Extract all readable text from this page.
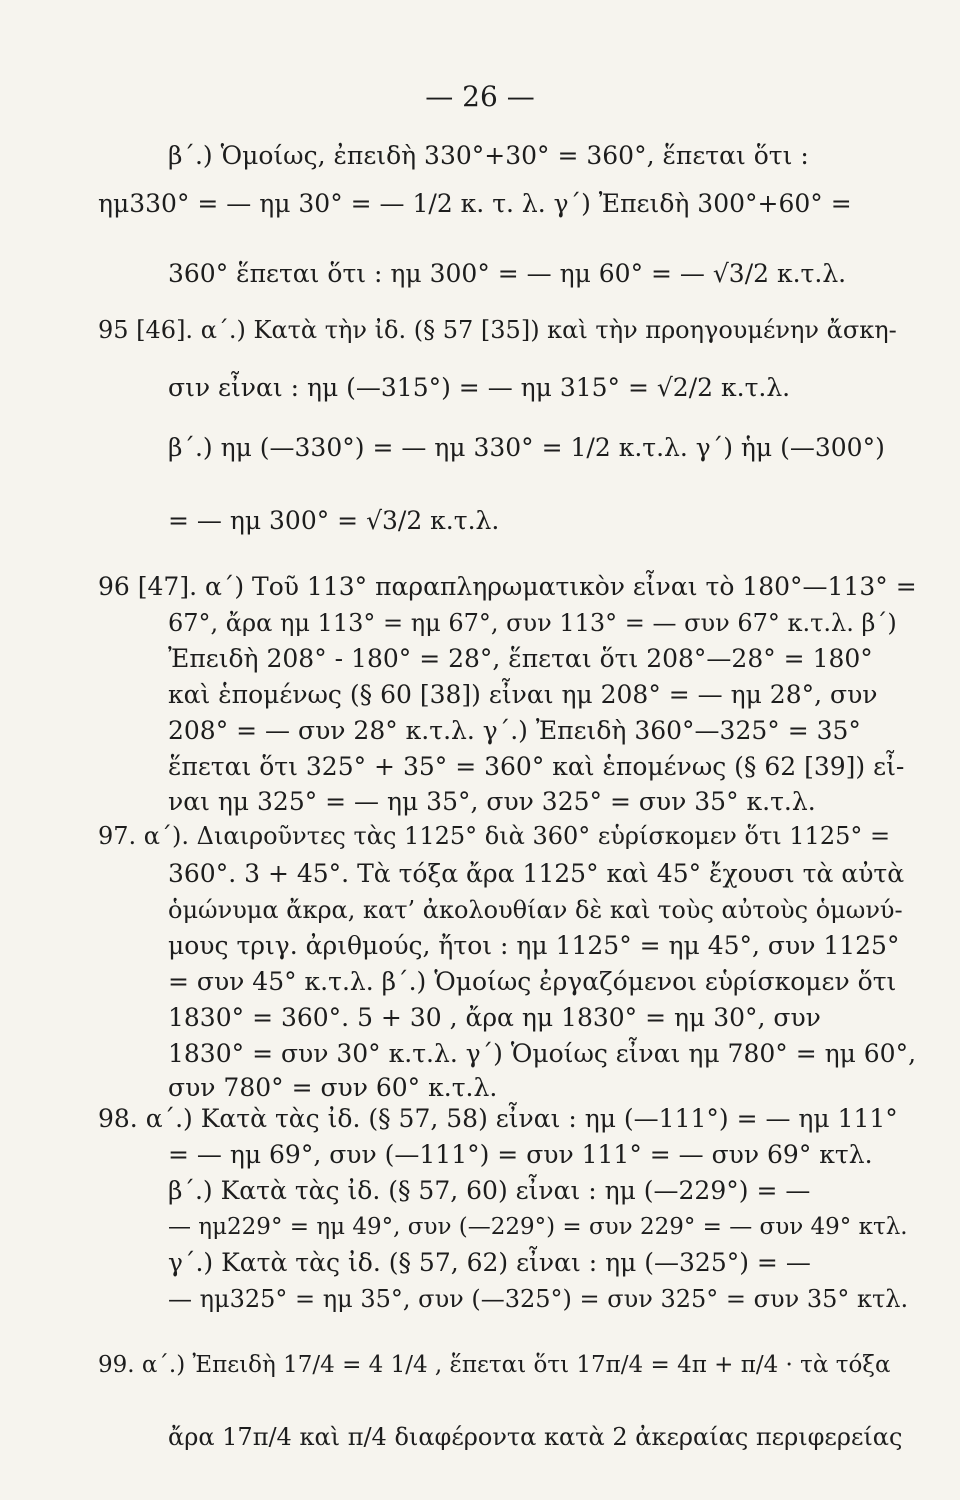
— 26 —
β΄.) Ὁμοίως, ἐπειδὴ 330°+30° = 360°, ἕπεται ὅτι :
ημ330° = — ημ 30° = — 1/2 κ. τ. λ. γ΄) Ἐπειδὴ 300°+60° =
360° ἕπεται ὅτι : ημ 300° = — ημ 60° = — √3/2 κ.τ.λ.
95 [46]. α΄.) Κατὰ τὴν ἰδ. (§ 57 [35]) καὶ τὴν προηγουμένην ἄσκη-
σιν εἶναι : ημ (—315°) = — ημ 315° = √2/2 κ.τ.λ.
β΄.) ημ (—330°) = — ημ 330° = 1/2 κ.τ.λ. γ΄) ἡμ (—300°)
= — ημ 300° = √3/2 κ.τ.λ.
96 [47]. α΄) Τοῦ 113° παραπληρωματικὸν εἶναι τὸ 180°—113° =
67°, ἄρα ημ 113° = ημ 67°, συν 113° = — συν 67° κ.τ.λ. β΄)
Ἐπειδὴ 208° - 180° = 28°, ἕπεται ὅτι 208°—28° = 180°
καὶ ἑπομένως (§ 60 [38]) εἶναι ημ 208° = — ημ 28°, συν
208° = — συν 28° κ.τ.λ. γ΄.) Ἐπειδὴ 360°—325° = 35°
ἕπεται ὅτι 325° + 35° = 360° καὶ ἑπομένως (§ 62 [39]) εἶ-
ναι ημ 325° = — ημ 35°, συν 325° = συν 35° κ.τ.λ.
97. α΄). Διαιροῦντες τὰς 1125° διὰ 360° εὑρίσκομεν ὅτι 1125° =
360°. 3 + 45°. Τὰ τόξα ἄρα 1125° καὶ 45° ἔχουσι τὰ αὐτὰ
ὁμώνυμα ἄκρα, κατ’ ἀκολουθίαν δὲ καὶ τοὺς αὐτοὺς ὁμωνύ-
μους τριγ. ἀριθμούς, ἤτοι : ημ 1125° = ημ 45°, συν 1125°
= συν 45° κ.τ.λ. β΄.) Ὁμοίως ἐργαζόμενοι εὑρίσκομεν ὅτι
1830° = 360°. 5 + 30 , ἄρα ημ 1830° = ημ 30°, συν
1830° = συν 30° κ.τ.λ. γ΄) Ὁμοίως εἶναι ημ 780° = ημ 60°,
συν 780° = συν 60° κ.τ.λ.
98. α΄.) Κατὰ τὰς ἰδ. (§ 57, 58) εἶναι : ημ (—111°) = — ημ 111°
= — ημ 69°, συν (—111°) = συν 111° = — συν 69° κτλ.
β΄.) Κατὰ τὰς ἰδ. (§ 57, 60) εἶναι : ημ (—229°) = —
— ημ229° = ημ 49°, συν (—229°) = συν 229° = — συν 49° κτλ.
γ΄.) Κατὰ τὰς ἰδ. (§ 57, 62) εἶναι : ημ (—325°) = —
— ημ325° = ημ 35°, συν (—325°) = συν 325° = συν 35° κτλ.
99. α΄.) Ἐπειδὴ 17/4 = 4 1/4 , ἕπεται ὅτι 17π/4 = 4π + π/4 · τὰ τόξα
ἄρα 17π/4 καὶ π/4 διαφέροντα κατὰ 2 ἀκεραίας περιφερείας
